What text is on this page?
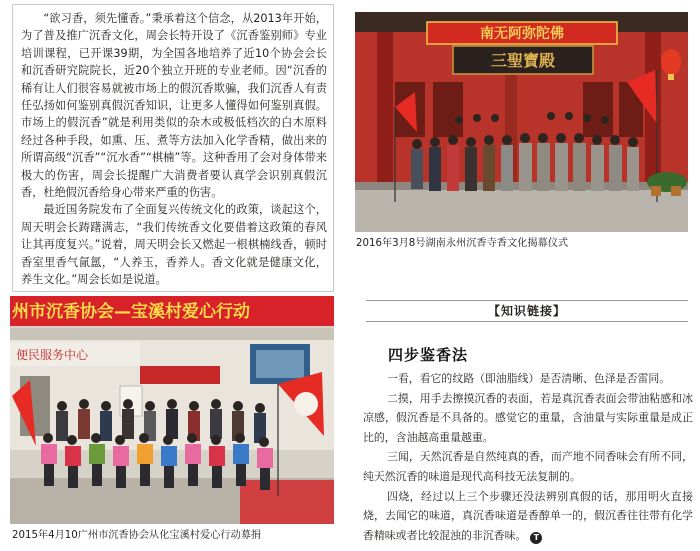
“欲习香，须先懂香。”秉承着这个信念，从2013年开始，为了普及推广沉香文化，周会长特开设了《沉香鉴别师》专业培训课程，已开课39期，为全国各地培养了近10个协会会长和沉香研究院院长，近20个独立开班的专业老师。因“沉香的稀有让人们很容易就被市场上的假沉香欺骗，我们沉香人有责任弘扬如何鉴别真假沉香知识，让更多人懂得如何鉴别真假。市场上的假沉香”就是利用类似的杂木或极低档次的白木原料经过各种手段，如熏、压、煮等方法加入化学香精，做出来的所谓高级“沉香”“沉水香”“棋楠”等。这种香用了会对身体带来极大的伤害，周会长提醒广大消费者要认真学会识别真假沉香，杜绝假沉香给身心带来严重的伤害。

最近国务院发布了全面复兴传统文化的政策，谈起这个，周天明会长踌躇满志，“我们传统香文化要借着这政策的春风让其再度复兴。”说着，周天明会长又燃起一根棋楠线香，顿时香室里香气氤氲，“人养玉，香养人。香文化就是健康文化，养生文化。”周会长如是说道。

南无阿弥陀佛
三聖寶殿
2016年3月8号湖南永州沉香寺香文化揭幕仪式
州市沉香协会—宝溪村爱心行动
便民服务中心
2015年4月10广州市沉香协会从化宝溪村爱心行动募捐
【知识链接】
四步鉴香法

一看，看它的纹路（即油脂线）是否清晰、色泽是否雷同。

二摸，用手去擦摸沉香的表面，若是真沉香表面会带油粘感和冰凉感，假沉香是不具备的。感觉它的重量，含油量与实际重量是成正比的，含油越高重量越重。

三闻，天然沉香是自然纯真的香，而产地不同香味会有所不同，纯天然沉香的味道是现代高科技无法复制的。

四烧，经过以上三个步骤还没法辨别真假的话，那用明火直接烧，去闻它的味道，真沉香味道是香醇单一的，假沉香往往带有化学香精味或者比较混浊的非沉香味。 T
